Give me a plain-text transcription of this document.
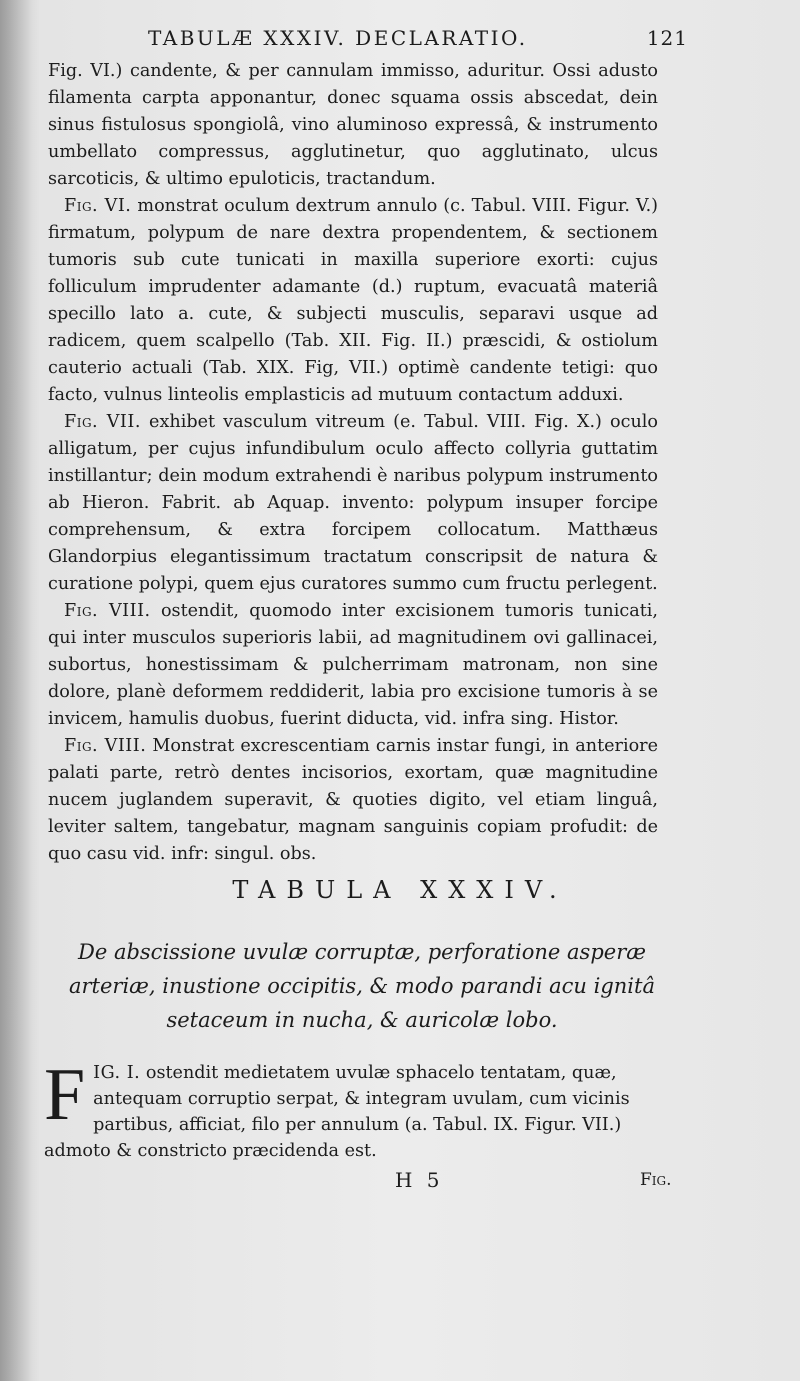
TABULÆ XXXIV. DECLARATIO.	121

Fig. VI.) candente, & per cannulam immisso, aduritur. Ossi adusto filamenta carpta apponantur, donec squama ossis abscedat, dein sinus fistulosus spongiolâ, vino aluminoso expressâ, & instrumento umbellato compressus, agglutinetur, quo agglutinato, ulcus sarcoticis, & ultimo epuloticis, tractandum.

Fig. VI. monstrat oculum dextrum annulo (c. Tabul. VIII. Figur. V.) firmatum, polypum de nare dextra propendentem, & sectionem tumoris sub cute tunicati in maxilla superiore exorti: cujus folliculum imprudenter adamante (d.) ruptum, evacuatâ materiâ specillo lato a. cute, & subjecti musculis, separavi usque ad radicem, quem scalpello (Tab. XII. Fig. II.) præscidi, & ostiolum cauterio actuali (Tab. XIX. Fig, VII.) optimè candente tetigi: quo facto, vulnus linteolis emplasticis ad mutuum contactum adduxi.

Fig. VII. exhibet vasculum vitreum (e. Tabul. VIII. Fig. X.) oculo alligatum, per cujus infundibulum oculo affecto collyria guttatim instillantur; dein modum extrahendi è naribus polypum instrumento ab Hieron. Fabrit. ab Aquap. invento: polypum insuper forcipe comprehensum, & extra forcipem collocatum. Matthæus Glandorpius elegantissimum tractatum conscripsit de natura & curatione polypi, quem ejus curatores summo cum fructu perlegent.

Fig. VIII. ostendit, quomodo inter excisionem tumoris tunicati, qui inter musculos superioris labii, ad magnitudinem ovi gallinacei, subortus, honestissimam & pulcherrimam matronam, non sine dolore, planè deformem reddiderit, labia pro excisione tumoris à se invicem, hamulis duobus, fuerint diducta, vid. infra sing. Histor.

Fig. VIII. Monstrat excrescentiam carnis instar fungi, in anteriore palati parte, retrò dentes incisorios, exortam, quæ magnitudine nucem juglandem superavit, & quoties digito, vel etiam linguâ, leviter saltem, tangebatur, magnam sanguinis copiam profudit: de quo casu vid. infr: singul. obs.

TABULA XXXIV.
De abscissione uvulæ corruptæ, perforatione asperæ arteriæ, inustione occipitis, & modo parandi acu ignitâ setaceum in nucha, & auricolæ lobo.
F IG. I. ostendit medietatem uvulæ sphacelo tentatam, quæ, antequam corruptio serpat, & integram uvulam, cum vicinis partibus, afficiat, filo per annulum (a. Tabul. IX. Figur. VII.) admoto & constricto præcidenda est.
H 5	Fig.
